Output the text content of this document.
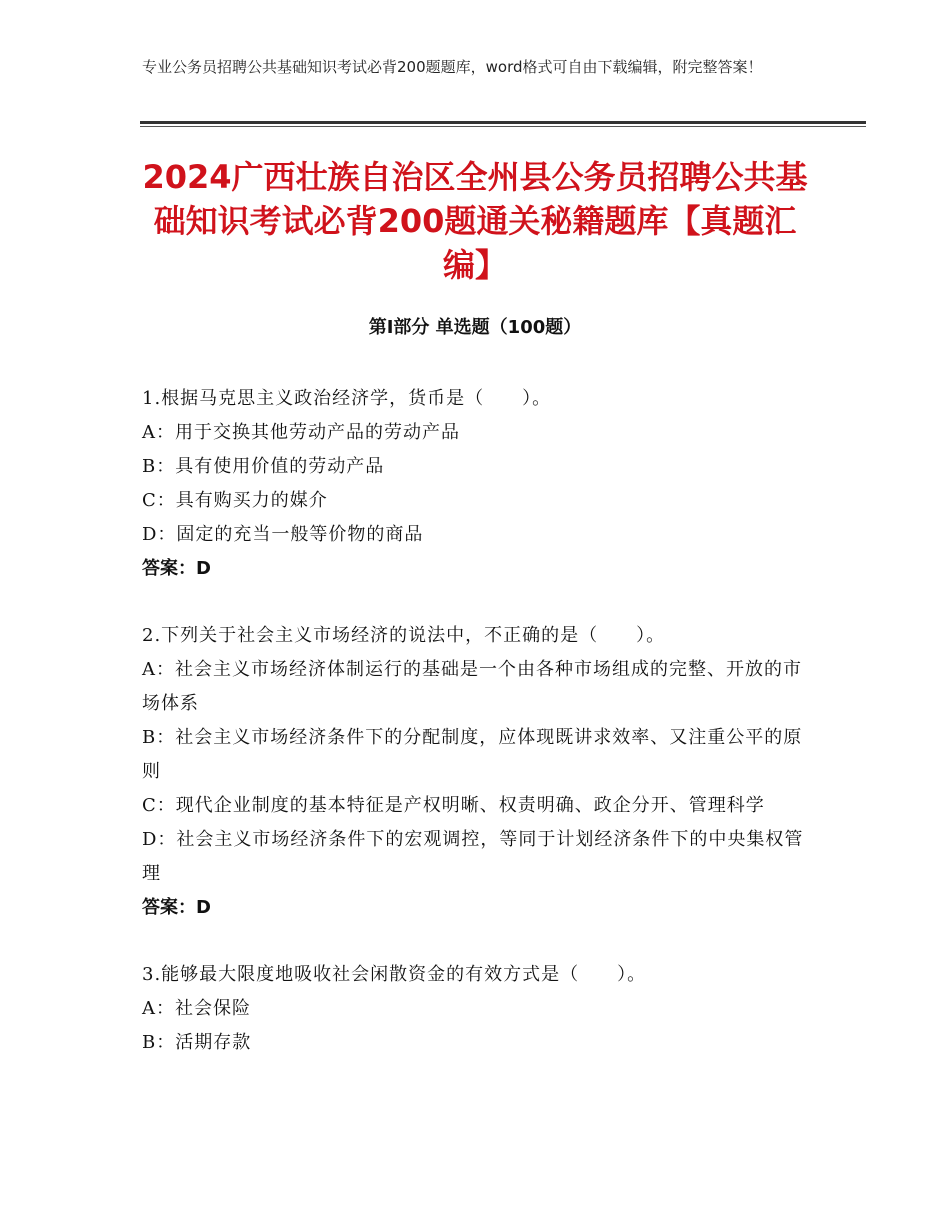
专业公务员招聘公共基础知识考试必背200题题库，word格式可自由下载编辑，附完整答案！
2024广西壮族自治区全州县公务员招聘公共基础知识考试必背200题通关秘籍题库【真题汇编】
第Ⅰ部分 单选题（100题）
1.根据马克思主义政治经济学，货币是（　　）。
A：用于交换其他劳动产品的劳动产品
B：具有使用价值的劳动产品
C：具有购买力的媒介
D：固定的充当一般等价物的商品
答案：D
2.下列关于社会主义市场经济的说法中，不正确的是（　　）。
A：社会主义市场经济体制运行的基础是一个由各种市场组成的完整、开放的市场体系
B：社会主义市场经济条件下的分配制度，应体现既讲求效率、又注重公平的原则
C：现代企业制度的基本特征是产权明晰、权责明确、政企分开、管理科学
D：社会主义市场经济条件下的宏观调控，等同于计划经济条件下的中央集权管理
答案：D
3.能够最大限度地吸收社会闲散资金的有效方式是（　　）。
A：社会保险
B：活期存款
